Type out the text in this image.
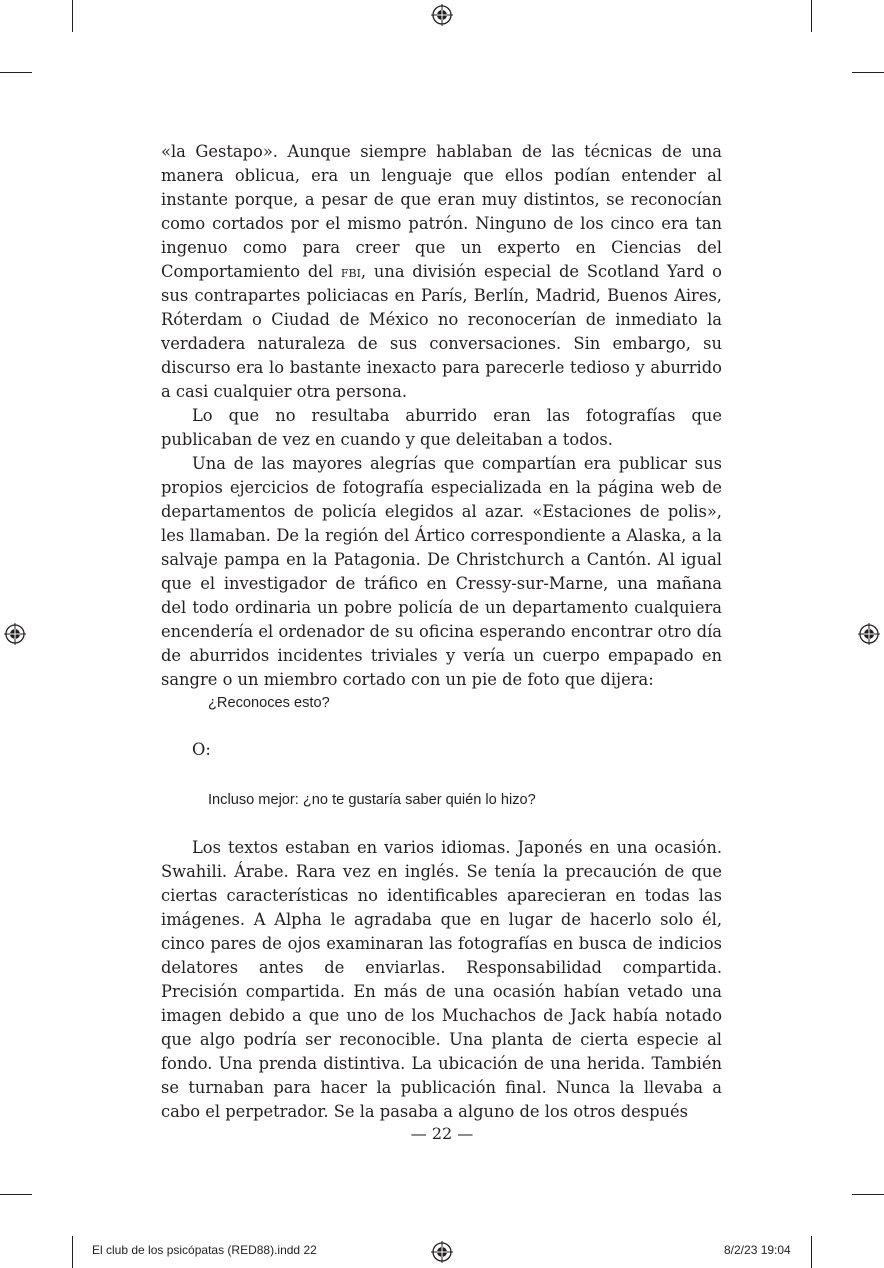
«la Gestapo». Aunque siempre hablaban de las técnicas de una manera oblicua, era un lenguaje que ellos podían entender al instante porque, a pesar de que eran muy distintos, se reconocían como cortados por el mismo patrón. Ninguno de los cinco era tan ingenuo como para creer que un experto en Ciencias del Comportamiento del fbi, una división especial de Scotland Yard o sus contrapartes policiacas en París, Berlín, Madrid, Buenos Aires, Róterdam o Ciudad de México no reconocerían de inmediato la verdadera naturaleza de sus conversaciones. Sin embargo, su discurso era lo bastante inexacto para parecerle tedioso y aburrido a casi cualquier otra persona.

Lo que no resultaba aburrido eran las fotografías que publicaban de vez en cuando y que deleitaban a todos.

Una de las mayores alegrías que compartían era publicar sus propios ejercicios de fotografía especializada en la página web de departamentos de policía elegidos al azar. «Estaciones de polis», les llamaban. De la región del Ártico correspondiente a Alaska, a la salvaje pampa en la Patagonia. De Christchurch a Cantón. Al igual que el investigador de tráfico en Cressy-sur-Marne, una mañana del todo ordinaria un pobre policía de un departamento cualquiera encendería el ordenador de su oficina esperando encontrar otro día de aburridos incidentes triviales y vería un cuerpo empapado en sangre o un miembro cortado con un pie de foto que dijera:

¿Reconoces esto?
O:
Incluso mejor: ¿no te gustaría saber quién lo hizo?

Los textos estaban en varios idiomas. Japonés en una ocasión. Swahili. Árabe. Rara vez en inglés. Se tenía la precaución de que ciertas características no identificables aparecieran en todas las imágenes. A Alpha le agradaba que en lugar de hacerlo solo él, cinco pares de ojos examinaran las fotografías en busca de indicios delatores antes de enviarlas. Responsabilidad compartida. Precisión compartida. En más de una ocasión habían vetado una imagen debido a que uno de los Muchachos de Jack había notado que algo podría ser reconocible. Una planta de cierta especie al fondo. Una prenda distintiva. La ubicación de una herida. También se turnaban para hacer la publicación final. Nunca la llevaba a cabo el perpetrador. Se la pasaba a alguno de los otros después

— 22 —
El club de los psicópatas (RED88).indd 22	8/2/23 19:04
